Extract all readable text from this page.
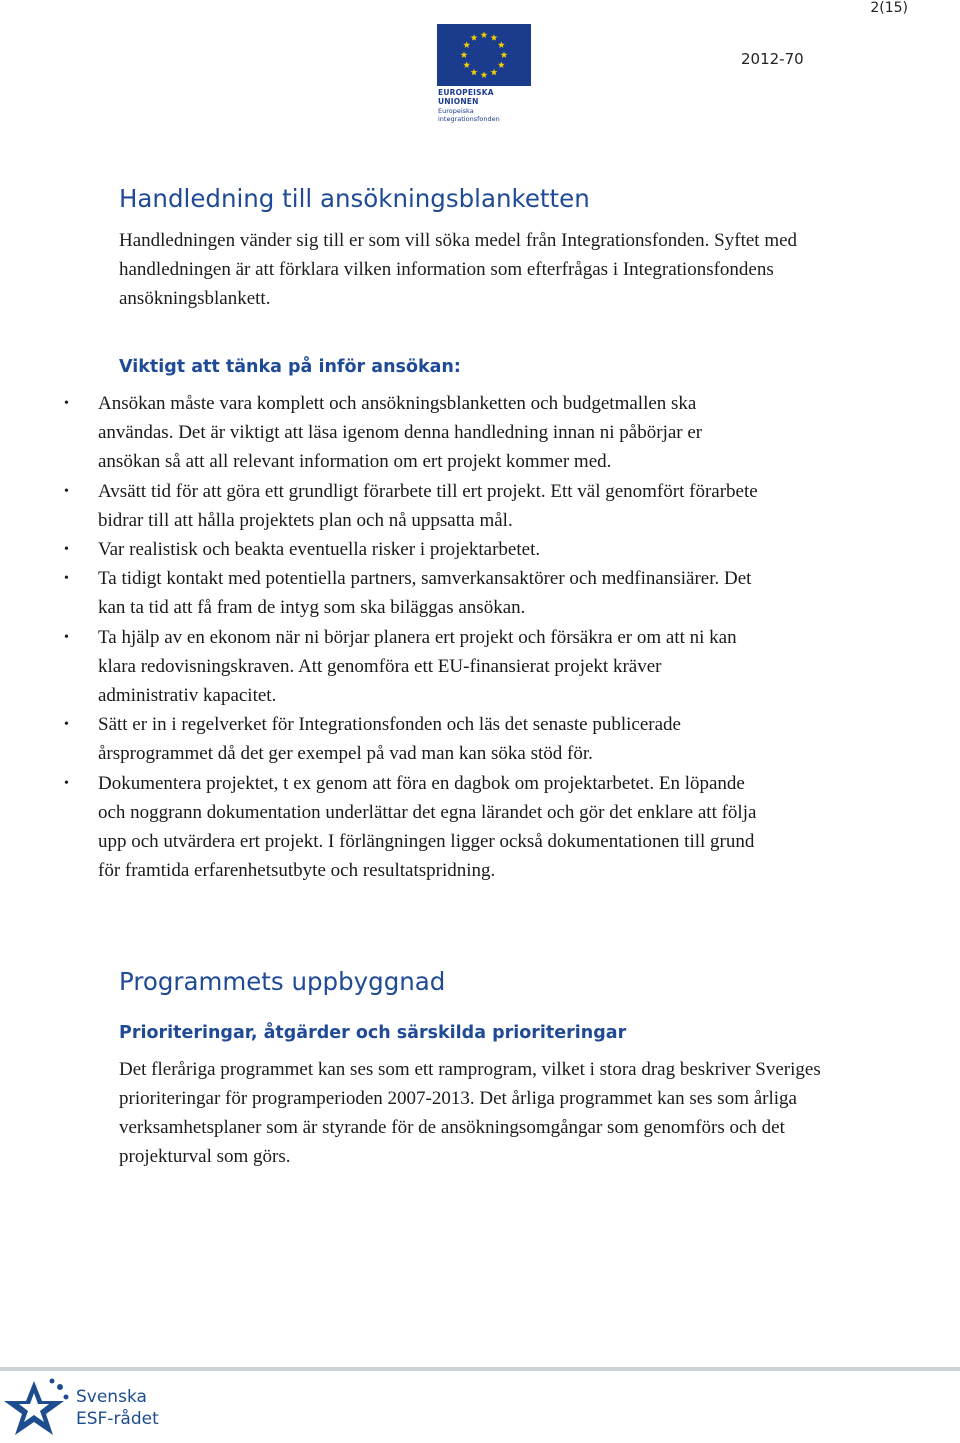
2(15)
EUROPEISKA UNIONEN
Europeiska integrationsfonden
2012-70
Handledning till ansökningsblanketten

Handledningen vänder sig till er som vill söka medel från Integrationsfonden. Syftet med handledningen är att förklara vilken information som efterfrågas i Integrationsfondens ansökningsblankett.

Viktigt att tänka på inför ansökan:
• Ansökan måste vara komplett och ansökningsblanketten och budgetmallen ska användas. Det är viktigt att läsa igenom denna handledning innan ni påbörjar er ansökan så att all relevant information om ert projekt kommer med.
• Avsätt tid för att göra ett grundligt förarbete till ert projekt. Ett väl genomfört förarbete bidrar till att hålla projektets plan och nå uppsatta mål.
• Var realistisk och beakta eventuella risker i projektarbetet.
• Ta tidigt kontakt med potentiella partners, samverkansaktörer och medfinansiärer. Det kan ta tid att få fram de intyg som ska biläggas ansökan.
• Ta hjälp av en ekonom när ni börjar planera ert projekt och försäkra er om att ni kan klara redovisningskraven. Att genomföra ett EU-finansierat projekt kräver administrativ kapacitet.
• Sätt er in i regelverket för Integrationsfonden och läs det senaste publicerade årsprogrammet då det ger exempel på vad man kan söka stöd för.
• Dokumentera projektet, t ex genom att föra en dagbok om projektarbetet. En löpande och noggrann dokumentation underlättar det egna lärandet och gör det enklare att följa upp och utvärdera ert projekt. I förlängningen ligger också dokumentationen till grund för framtida erfarenhetsutbyte och resultatspridning.
Programmets uppbyggnad
Prioriteringar, åtgärder och särskilda prioriteringar

Det fleråriga programmet kan ses som ett ramprogram, vilket i stora drag beskriver Sveriges prioriteringar för programperioden 2007-2013. Det årliga programmet kan ses som årliga verksamhetsplaner som är styrande för de ansökningsomgångar som genomförs och det projekturval som görs.

Svenska
ESF-rådet
